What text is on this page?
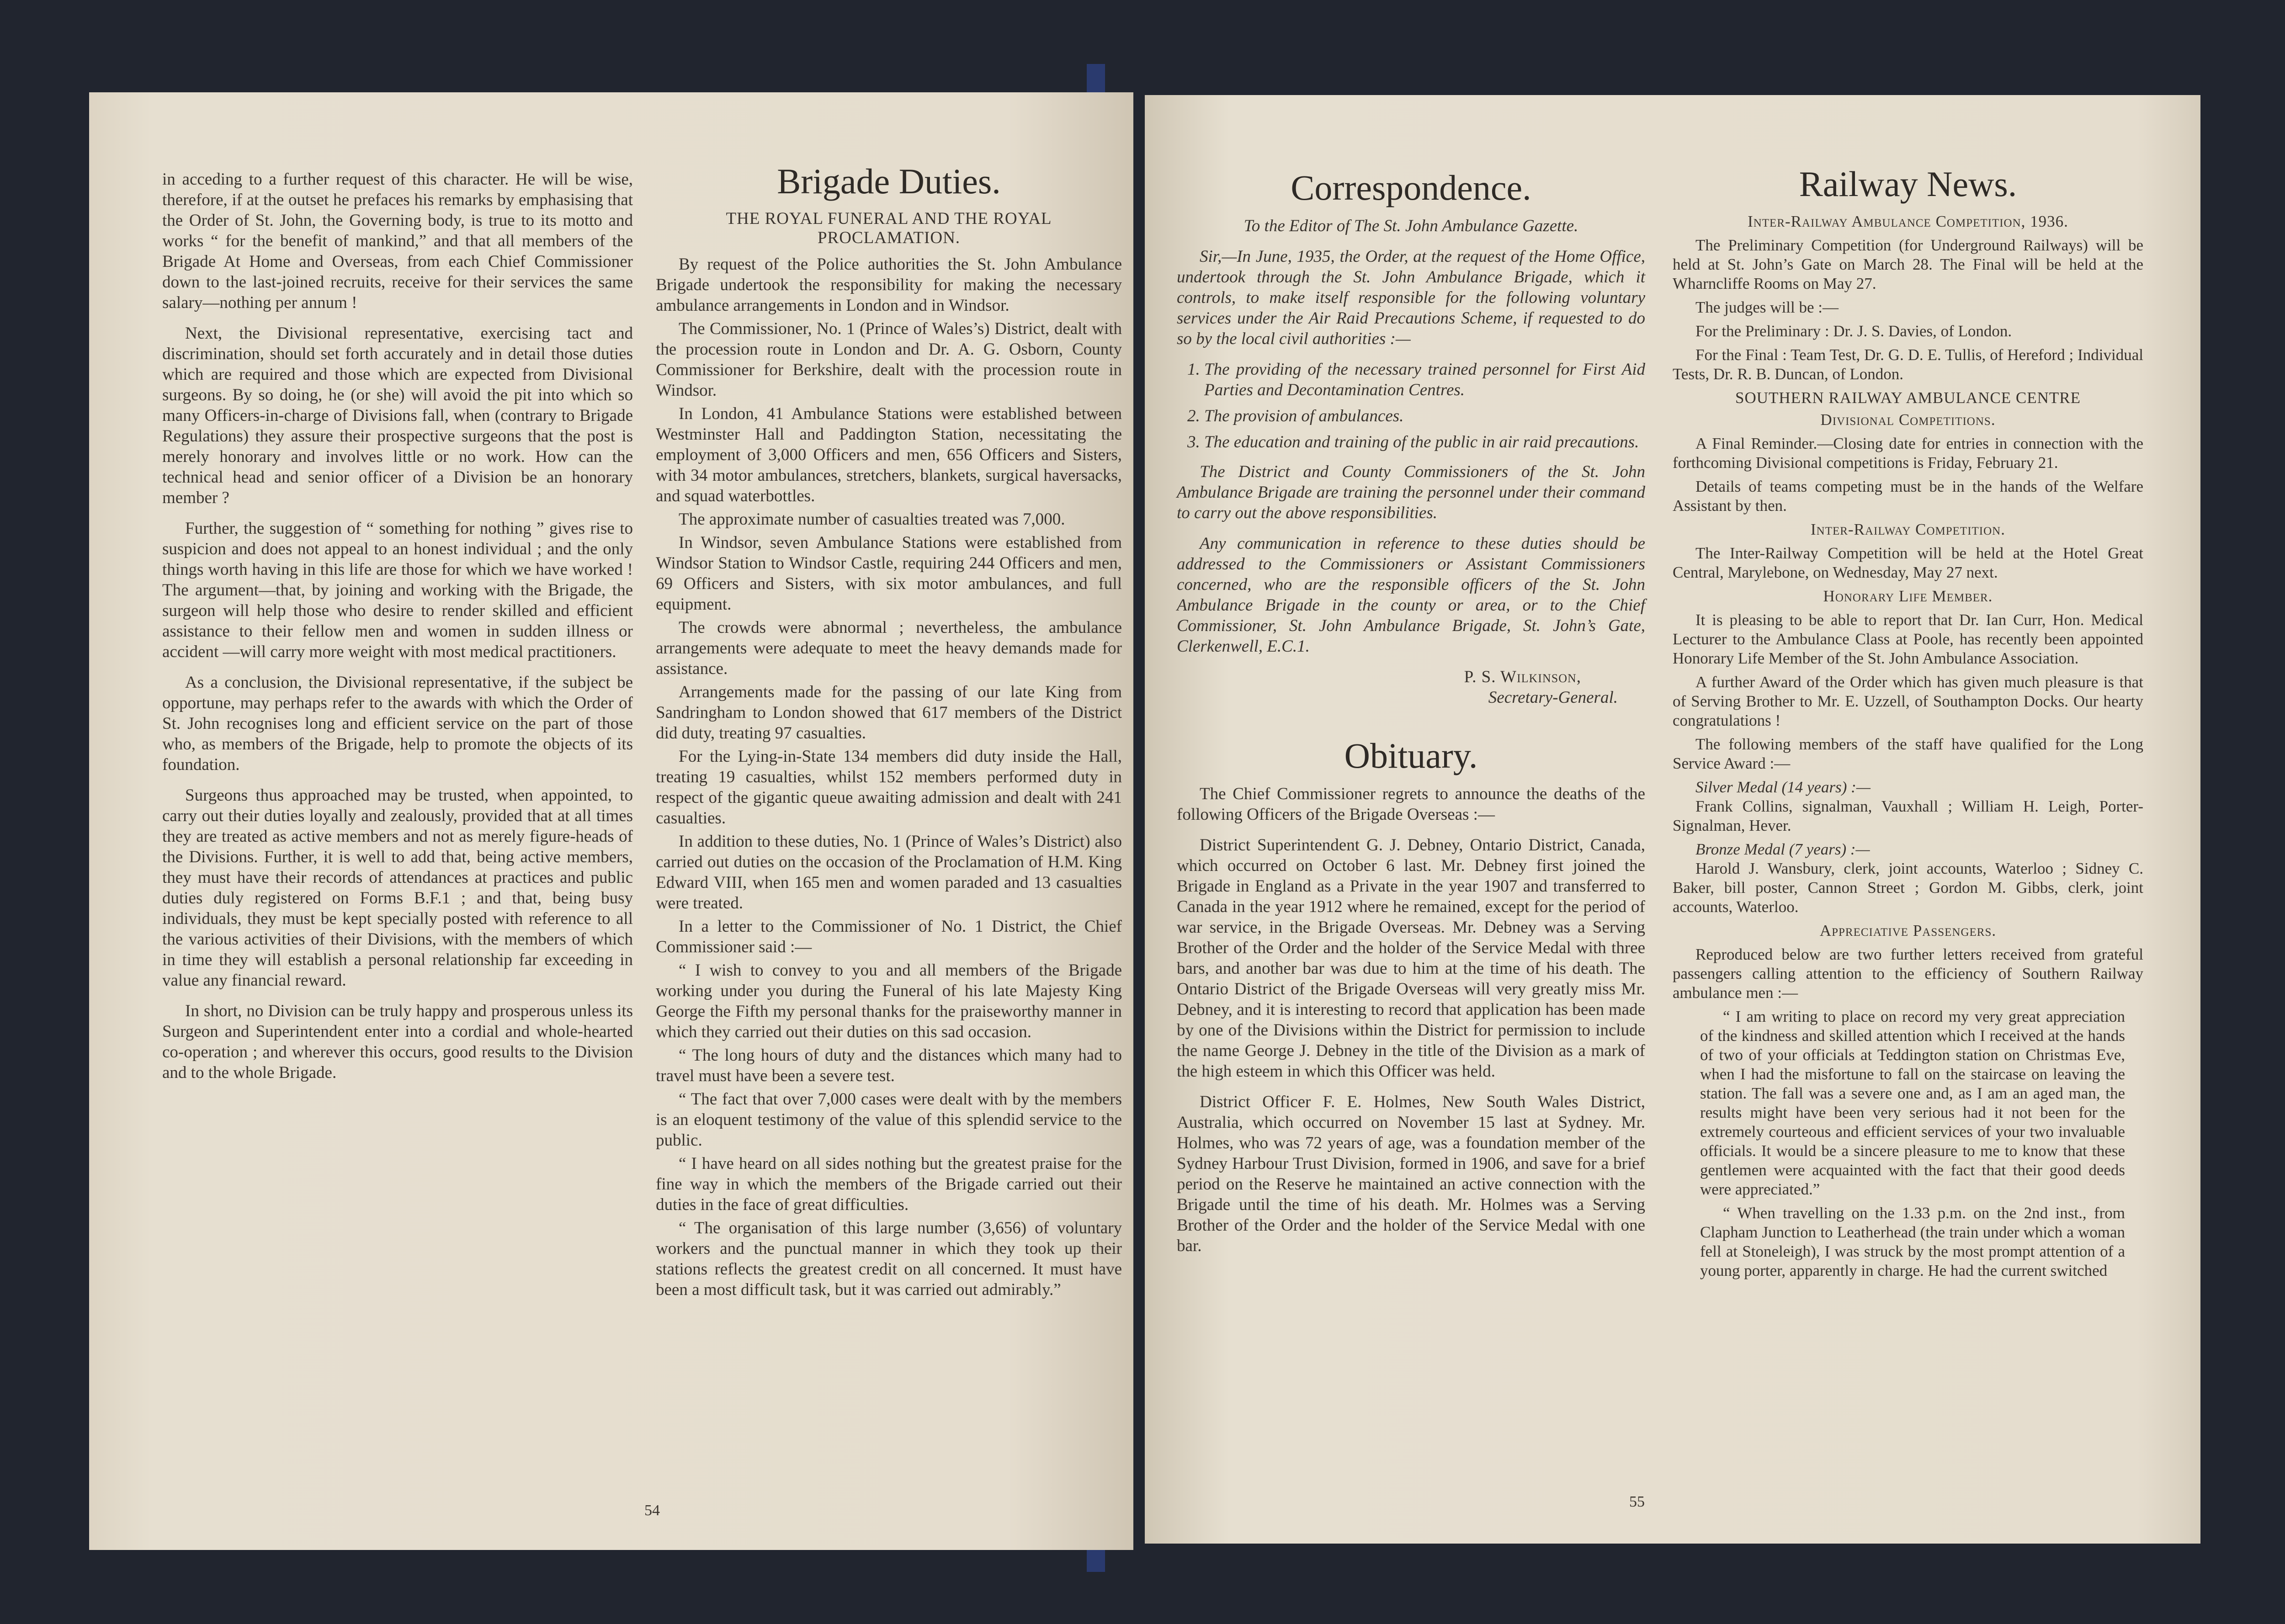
in acceding to a further request of this character. He will be wise, therefore, if at the outset he prefaces his remarks by emphasising that the Order of St. John, the Governing body, is true to its motto and works “ for the benefit of mankind,” and that all members of the Brigade At Home and Overseas, from each Chief Commissioner down to the last-joined recruits, receive for their services the same salary—nothing per annum !

Next, the Divisional representative, exercising tact and discrimination, should set forth accurately and in detail those duties which are required and those which are expected from Divisional surgeons. By so doing, he (or she) will avoid the pit into which so many Officers-in-charge of Divisions fall, when (contrary to Brigade Regulations) they assure their prospective surgeons that the post is merely honorary and involves little or no work. How can the technical head and senior officer of a Division be an honorary member ?

Further, the suggestion of “ something for nothing ” gives rise to suspicion and does not appeal to an honest individual ; and the only things worth having in this life are those for which we have worked ! The argument—that, by joining and working with the Brigade, the surgeon will help those who desire to render skilled and efficient assistance to their fellow men and women in sudden illness or accident —will carry more weight with most medical practitioners.

As a conclusion, the Divisional representative, if the subject be opportune, may perhaps refer to the awards with which the Order of St. John recognises long and efficient service on the part of those who, as members of the Brigade, help to promote the objects of its foundation.

Surgeons thus approached may be trusted, when appointed, to carry out their duties loyally and zealously, provided that at all times they are treated as active members and not as merely figure-heads of the Divisions. Further, it is well to add that, being active members, they must have their records of attendances at practices and public duties duly registered on Forms B.F.1 ; and that, being busy individuals, they must be kept specially posted with reference to all the various activities of their Divisions, with the members of which in time they will establish a personal relationship far exceeding in value any financial reward.

In short, no Division can be truly happy and prosperous unless its Surgeon and Superintendent enter into a cordial and whole-hearted co-operation ; and wherever this occurs, good results to the Division and to the whole Brigade.

Brigade Duties.
THE ROYAL FUNERAL AND THE ROYAL PROCLAMATION.

By request of the Police authorities the St. John Ambulance Brigade undertook the responsibility for making the necessary ambulance arrangements in London and in Windsor.

The Commissioner, No. 1 (Prince of Wales’s) District, dealt with the procession route in London and Dr. A. G. Osborn, County Commissioner for Berkshire, dealt with the procession route in Windsor.

In London, 41 Ambulance Stations were established between Westminster Hall and Paddington Station, necessitating the employment of 3,000 Officers and men, 656 Officers and Sisters, with 34 motor ambulances, stretchers, blankets, surgical haversacks, and squad waterbottles.

The approximate number of casualties treated was 7,000.

In Windsor, seven Ambulance Stations were established from Windsor Station to Windsor Castle, requiring 244 Officers and men, 69 Officers and Sisters, with six motor ambulances, and full equipment.

The crowds were abnormal ; nevertheless, the ambulance arrangements were adequate to meet the heavy demands made for assistance.

Arrangements made for the passing of our late King from Sandringham to London showed that 617 members of the District did duty, treating 97 casualties.

For the Lying-in-State 134 members did duty inside the Hall, treating 19 casualties, whilst 152 members performed duty in respect of the gigantic queue awaiting admission and dealt with 241 casualties.

In addition to these duties, No. 1 (Prince of Wales’s District) also carried out duties on the occasion of the Proclamation of H.M. King Edward VIII, when 165 men and women paraded and 13 casualties were treated.

In a letter to the Commissioner of No. 1 District, the Chief Commissioner said :—

“ I wish to convey to you and all members of the Brigade working under you during the Funeral of his late Majesty King George the Fifth my personal thanks for the praiseworthy manner in which they carried out their duties on this sad occasion.

“ The long hours of duty and the distances which many had to travel must have been a severe test.

“ The fact that over 7,000 cases were dealt with by the members is an eloquent testimony of the value of this splendid service to the public.

“ I have heard on all sides nothing but the greatest praise for the fine way in which the members of the Brigade carried out their duties in the face of great difficulties.

“ The organisation of this large number (3,656) of voluntary workers and the punctual manner in which they took up their stations reflects the greatest credit on all concerned. It must have been a most difficult task, but it was carried out admirably.”

54
Correspondence.

To the Editor of The St. John Ambulance Gazette.

Sir,—In June, 1935, the Order, at the request of the Home Office, undertook through the St. John Ambulance Brigade, which it controls, to make itself responsible for the following voluntary services under the Air Raid Precautions Scheme, if requested to do so by the local civil authorities :—

1. The providing of the necessary trained personnel for First Aid Parties and Decontamination Centres.
2. The provision of ambulances.
3. The education and training of the public in air raid precautions.

The District and County Commissioners of the St. John Ambulance Brigade are training the personnel under their command to carry out the above responsibilities.

Any communication in reference to these duties should be addressed to the Commissioners or Assistant Commissioners concerned, who are the responsible officers of the St. John Ambulance Brigade in the county or area, or to the Chief Commissioner, St. John Ambulance Brigade, St. John’s Gate, Clerkenwell, E.C.1.

P. S. Wilkinson,
Secretary-General.
Obituary.

The Chief Commissioner regrets to announce the deaths of the following Officers of the Brigade Overseas :—

District Superintendent G. J. Debney, Ontario District, Canada, which occurred on October 6 last. Mr. Debney first joined the Brigade in England as a Private in the year 1907 and transferred to Canada in the year 1912 where he remained, except for the period of war service, in the Brigade Overseas. Mr. Debney was a Serving Brother of the Order and the holder of the Service Medal with three bars, and another bar was due to him at the time of his death. The Ontario District of the Brigade Overseas will very greatly miss Mr. Debney, and it is interesting to record that application has been made by one of the Divisions within the District for permission to include the name George J. Debney in the title of the Division as a mark of the high esteem in which this Officer was held.

District Officer F. E. Holmes, New South Wales District, Australia, which occurred on November 15 last at Sydney. Mr. Holmes, who was 72 years of age, was a foundation member of the Sydney Harbour Trust Division, formed in 1906, and save for a brief period on the Reserve he maintained an active connection with the Brigade until the time of his death. Mr. Holmes was a Serving Brother of the Order and the holder of the Service Medal with one bar.

Railway News.

Inter-Railway Ambulance Competition, 1936.

The Preliminary Competition (for Underground Railways) will be held at St. John’s Gate on March 28. The Final will be held at the Wharncliffe Rooms on May 27.

The judges will be :—

For the Preliminary : Dr. J. S. Davies, of London.

For the Final : Team Test, Dr. G. D. E. Tullis, of Hereford ; Individual Tests, Dr. R. B. Duncan, of London.

SOUTHERN RAILWAY AMBULANCE CENTRE

Divisional Competitions.

A Final Reminder.—Closing date for entries in connection with the forthcoming Divisional competitions is Friday, February 21.

Details of teams competing must be in the hands of the Welfare Assistant by then.

Inter-Railway Competition.

The Inter-Railway Competition will be held at the Hotel Great Central, Marylebone, on Wednesday, May 27 next.

Honorary Life Member.

It is pleasing to be able to report that Dr. Ian Curr, Hon. Medical Lecturer to the Ambulance Class at Poole, has recently been appointed Honorary Life Member of the St. John Ambulance Association.

A further Award of the Order which has given much pleasure is that of Serving Brother to Mr. E. Uzzell, of Southampton Docks. Our hearty congratulations !

The following members of the staff have qualified for the Long Service Award :—

Silver Medal (14 years) :—

Frank Collins, signalman, Vauxhall ; William H. Leigh, Porter-Signalman, Hever.

Bronze Medal (7 years) :—

Harold J. Wansbury, clerk, joint accounts, Waterloo ; Sidney C. Baker, bill poster, Cannon Street ; Gordon M. Gibbs, clerk, joint accounts, Waterloo.

Appreciative Passengers.

Reproduced below are two further letters received from grateful passengers calling attention to the efficiency of Southern Railway ambulance men :—

“ I am writing to place on record my very great appreciation of the kindness and skilled attention which I received at the hands of two of your officials at Teddington station on Christmas Eve, when I had the misfortune to fall on the staircase on leaving the station. The fall was a severe one and, as I am an aged man, the results might have been very serious had it not been for the extremely courteous and efficient services of your two invaluable officials. It would be a sincere pleasure to me to know that these gentlemen were acquainted with the fact that their good deeds were appreciated.”

“ When travelling on the 1.33 p.m. on the 2nd inst., from Clapham Junction to Leatherhead (the train under which a woman fell at Stoneleigh), I was struck by the most prompt attention of a young porter, apparently in charge. He had the current switched

55
